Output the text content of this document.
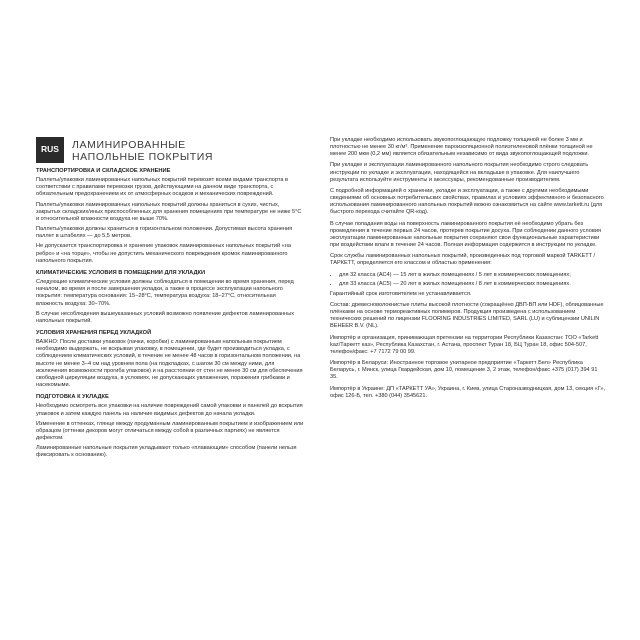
RUS	ЛАМИНИРОВАННЫЕ
НАПОЛЬНЫЕ ПОКРЫТИЯ
ТРАНСПОРТИРОВКА И СКЛАДСКОЕ ХРАНЕНИЕ

Паллеты/упаковки ламинированных напольных покрытий перевозят всеми видами транспорта в соответствии с правилами перевозки грузов, действующими на данном виде транспорта, с обязательным предохранением их от атмосферных осадков и механических повреждений.

Паллеты/упаковки ламинированных напольных покрытий должны храниться в сухих, чистых, закрытых складских/иных приспособленных для хранения помещениях при температуре не ниже 5°С и относительной влажности воздуха не выше 70%.

Паллеты/упаковки должны храниться в горизонтальном положении. Допустимая высота хранения паллет в штабелях — до 5,5 метров.

Не допускается транспортировка и хранение упаковок ламинированных напольных покрытий «на ребро» и «на торце», чтобы не допустить механического повреждения кромок ламинированного напольного покрытия.

КЛИМАТИЧЕСКИЕ УСЛОВИЯ В ПОМЕЩЕНИИ ДЛЯ УКЛАДКИ

Следующие климатические условия должны соблюдаться в помещении во время хранения, перед началом, во время и после завершения укладки, а также в процессе эксплуатации напольного покрытия: температура основания: 15−28°С, температура воздуха: 18−27°С, относительная влажность воздуха: 30−70%.

В случае несоблюдения вышеуказанных условий возможно появление дефектов ламинированных напольных покрытий.

УСЛОВИЯ ХРАНЕНИЯ ПЕРЕД УКЛАДКОЙ

ВАЖНО: После доставки упаковок (пачки, коробки) с ламинированным напольным покрытием необходимо выдержать, не вскрывая упаковку, в помещении, где будет производиться укладка, с соблюдением климатических условий, в течение не менее 48 часов в горизонтальном положении, на высоте не менее 3−4 см над уровнем пола (на подкладках, с шагом 30 см между ними, для исключения возможности прогиба упаковок) и на расстоянии от стен не менее 30 см для обеспечения свободной циркуляции воздуха, в условиях, не допускающих увлажнения, поражения грибками и насекомыми.

ПОДГОТОВКА К УКЛАДКЕ

Необходимо осмотреть все упаковки на наличие повреждений самой упаковки и панелей до вскрытия упаковок и затем каждую панель на наличие видимых дефектов до начала укладки.

Изменение в оттенках, глянце между продуманным ламинированным покрытием и изображением или образцом (оттенки декоров могут отличаться между собой в различных партиях) не является дефектом.

Ламинированные напольные покрытия укладывают только «плавающим» способом (панели нельзя фиксировать к основанию).

При укладке необходимо использовать звукопоглощающую подложку толщиной не более 3 мм и плотностью не менее 30 кг/м³. Применение пароизоляционной полиэтиленовой плёнки толщиной не менее 200 мкм (0,2 мм) является обязательным независимо от вида звукопоглощающей подложки.
При укладке и эксплуатации ламинированного напольного покрытия необходимо строго следовать инструкции по укладке и эксплуатации, находящейся на вкладыше в упаковке. Для наилучшего результата используйте инструменты и аксессуары, рекомендованные производителем.
С подробной информацией о хранении, укладке и эксплуатации, а также с другими необходимыми сведениями об основных потребительских свойствах, правилах и условиях эффективного и безопасного использования ламинированного напольных покрытий можно ознакомиться на сайте www.tarkett.ru (для быстрого перехода считайте QR-код).
В случае попадания воды на поверхность ламинированного покрытия её необходимо убрать без промедления в течение первых 24 часов, протерев покрытие досуха. При соблюдении данного условия эксплуатации ламинированные напольные покрытия сохраняют свои функциональные характеристики при воздействии влаги в течение 24 часов. Полная информация содержится в инструкции по укладке.
Срок службы ламинированных напольных покрытий, произведенных под торговой маркой TARKETT / ТАРКЕТТ, определяется его классом и областью применения:
• для 32 класса (АС4) — 15 лет в жилых помещениях / 5 лет в коммерческих помещениях;
• для 33 класса (АС5) — 20 лет в жилых помещениях / 8 лет в коммерческих помещениях.
Гарантийный срок изготовителем не устанавливается.
Состав: древесноволокнистые плиты высокой плотности (сокращённо ДВП-ВП или HDF), облицованные плёнками на основе термореактивных полимеров. Продукция произведена с использованием технических решений по лицензии FLOORING INDUSTRIES LIMITED, SARL (LU) и сублицензии UNILIN BEHEER B.V. (NL).
Импортёр и организация, принимающая претензии на территории Республики Казахстан: ТОО «Tarkett kaz/Таркетт каз», Республика Казахстан, г. Астана, проспект Туран 18, БЦ Туран 18, офис 504-507, телефон/факс: +7 7172 79 00 99.
Импортёр в Беларуси: Иностранное торговое унитарное предприятие «Таркетт Бел» Республика Беларусь, г. Минск, улица Гвардейская, дом 10, помещение 3, 2 этаж, телефон/факс +375 (017) 394 91 35.
Импортёр в Украине: ДП «ТАРКЕТТ УА», Украина, г. Киев, улица Староназводницкая, дом 13, секция «Г», офис 126-Б, тел. +380 (044) 3545621.
